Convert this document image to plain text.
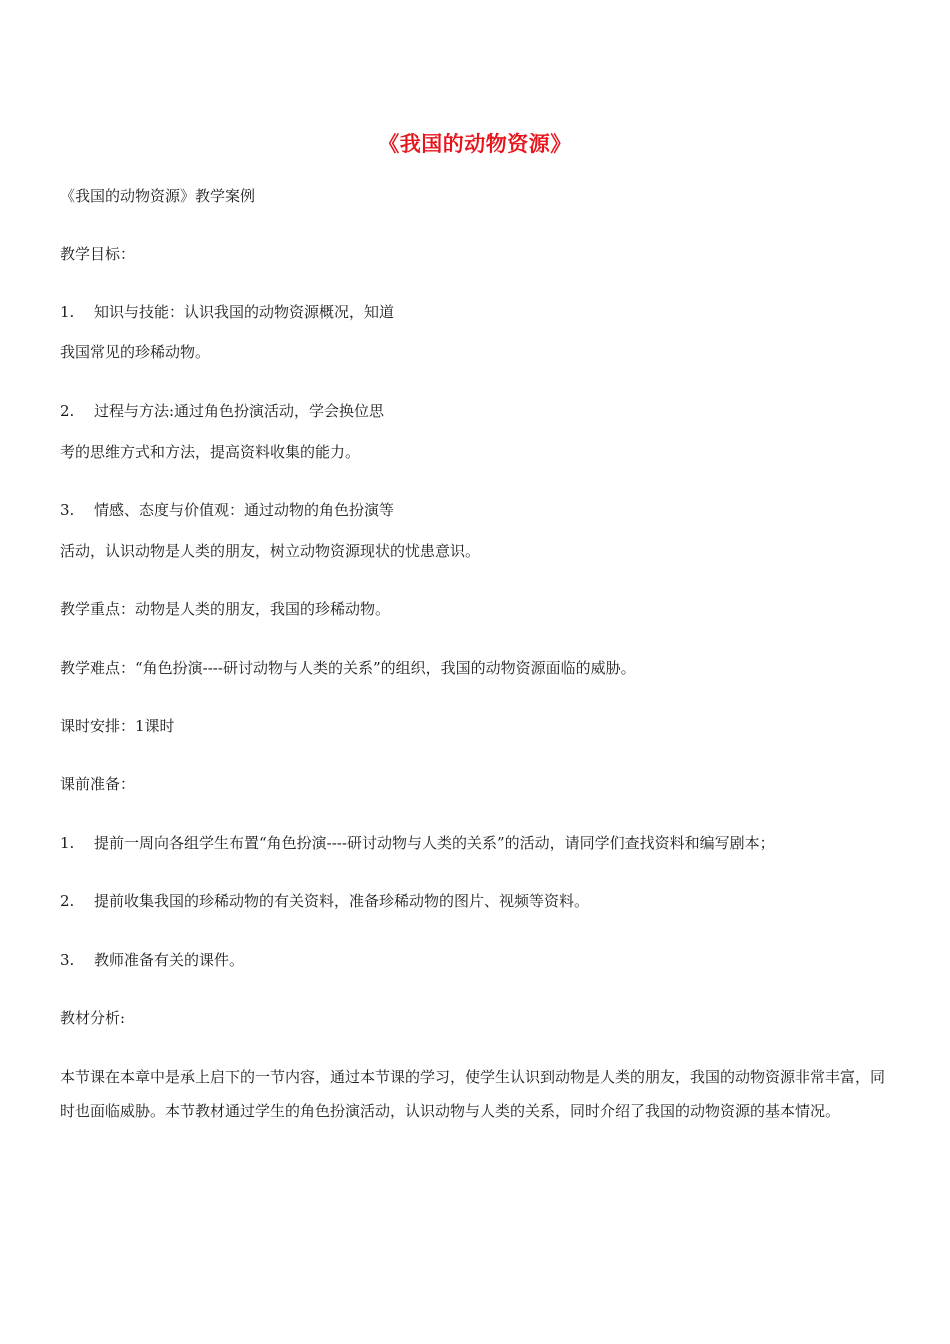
《我国的动物资源》
《我国的动物资源》教学案例
教学目标：
1. 知识与技能：认识我国的动物资源概况，知道
我国常见的珍稀动物。
2. 过程与方法:通过角色扮演活动，学会换位思
考的思维方式和方法，提高资料收集的能力。
3. 情感、态度与价值观：通过动物的角色扮演等
活动，认识动物是人类的朋友，树立动物资源现状的忧患意识。
教学重点：动物是人类的朋友，我国的珍稀动物。
教学难点：“角色扮演----研讨动物与人类的关系”的组织，我国的动物资源面临的威胁。
课时安排：1课时
课前准备：
1. 提前一周向各组学生布置“角色扮演----研讨动物与人类的关系”的活动，请同学们查找资料和编写剧本；
2. 提前收集我国的珍稀动物的有关资料，准备珍稀动物的图片、视频等资料。
3. 教师准备有关的课件。
教材分析:
本节课在本章中是承上启下的一节内容，通过本节课的学习，使学生认识到动物是人类的朋友，我国的动物资源非常丰富，同时也面临威胁。本节教材通过学生的角色扮演活动，认识动物与人类的关系，同时介绍了我国的动物资源的基本情况。
